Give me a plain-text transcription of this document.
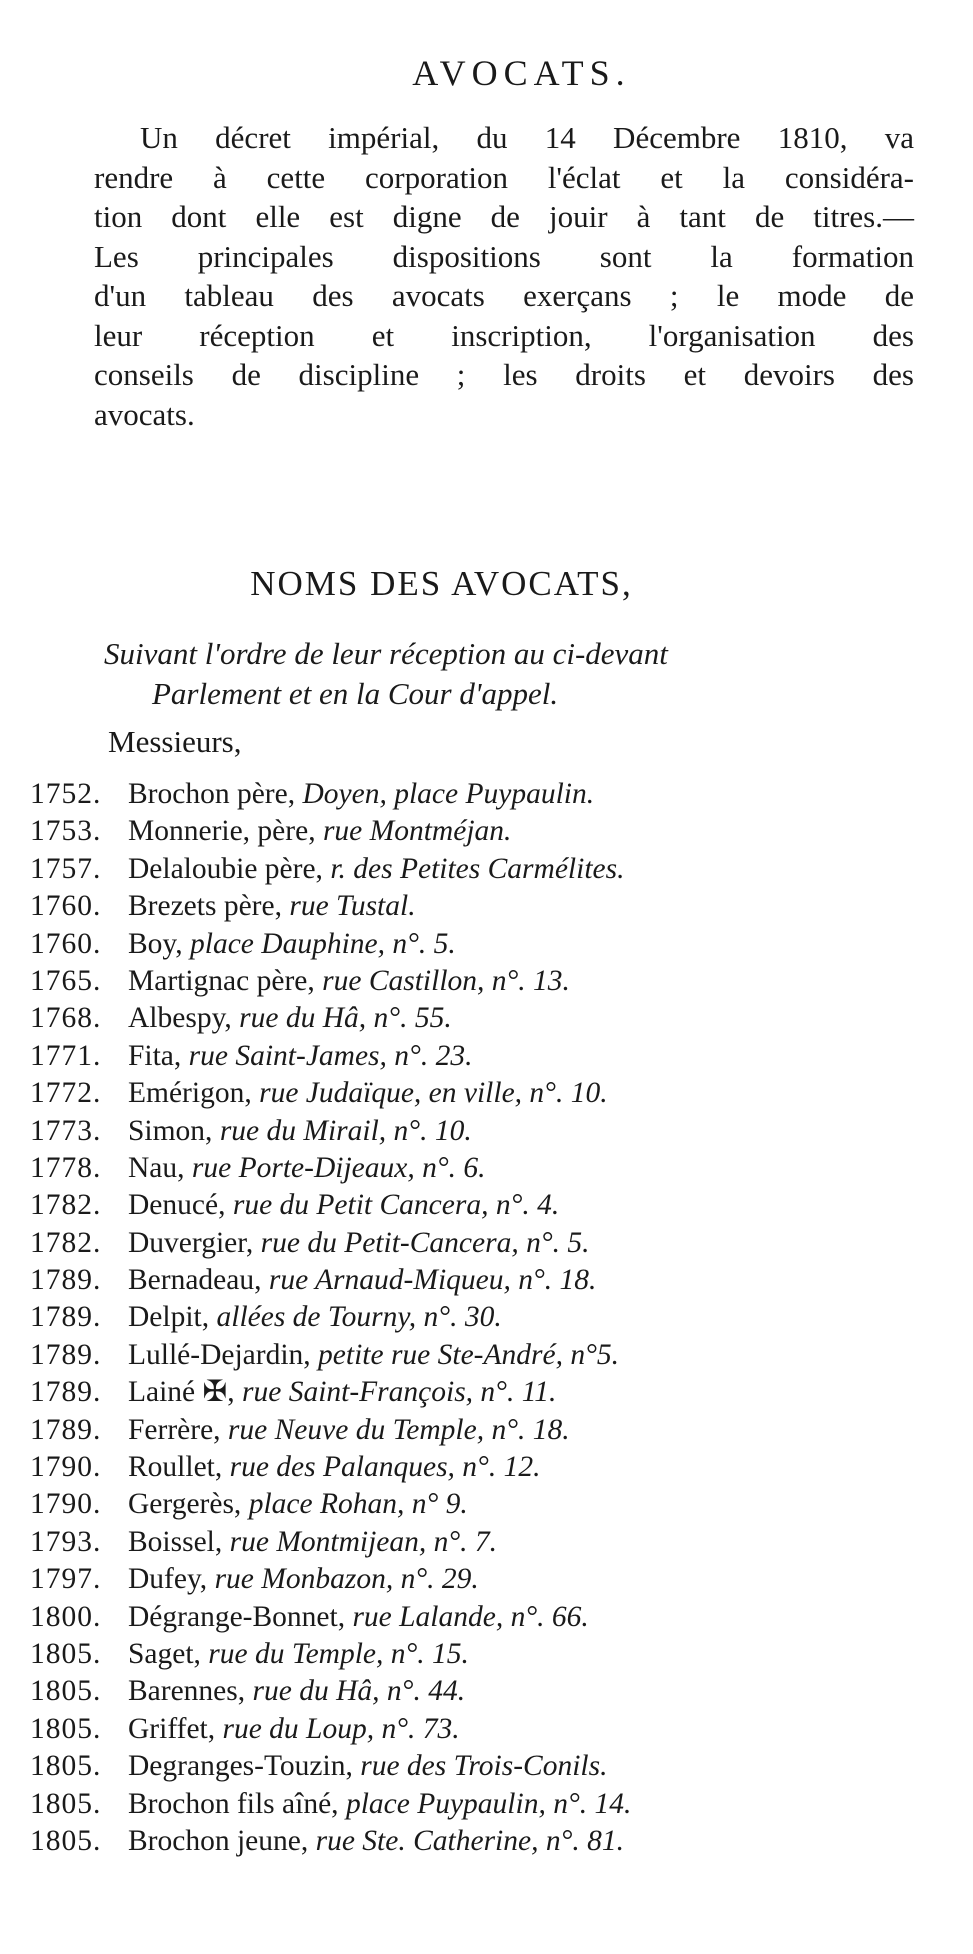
AVOCATS.
Un décret impérial, du 14 Décembre 1810, va
rendre à cette corporation l'éclat et la considéra-
tion dont elle est digne de jouir à tant de titres.—
Les principales dispositions sont la formation
d'un tableau des avocats exerçans ; le mode de
leur réception et inscription, l'organisation des
conseils de discipline ; les droits et devoirs des
avocats.
NOMS DES AVOCATS,
Suivant l'ordre de leur réception au ci-devant
Parlement et en la Cour d'appel.
Messieurs,
1752. Brochon père, Doyen, place Puypaulin.
1753. Monnerie, père, rue Montméjan.
1757. Delaloubie père, r. des Petites Carmélites.
1760. Brezets père, rue Tustal.
1760. Boy, place Dauphine, n°. 5.
1765. Martignac père, rue Castillon, n°. 13.
1768. Albespy, rue du Hâ, n°. 55.
1771. Fita, rue Saint-James, n°. 23.
1772. Emérigon, rue Judaïque, en ville, n°. 10.
1773. Simon, rue du Mirail, n°. 10.
1778. Nau, rue Porte-Dijeaux, n°. 6.
1782. Denucé, rue du Petit Cancera, n°. 4.
1782. Duvergier, rue du Petit-Cancera, n°. 5.
1789. Bernadeau, rue Arnaud-Miqueu, n°. 18.
1789. Delpit, allées de Tourny, n°. 30.
1789. Lullé-Dejardin, petite rue Ste-André, n°5.
1789. Lainé ✠, rue Saint-François, n°. 11.
1789. Ferrère, rue Neuve du Temple, n°. 18.
1790. Roullet, rue des Palanques, n°. 12.
1790. Gergerès, place Rohan, n° 9.
1793. Boissel, rue Montmijean, n°. 7.
1797. Dufey, rue Monbazon, n°. 29.
1800. Dégrange-Bonnet, rue Lalande, n°. 66.
1805. Saget, rue du Temple, n°. 15.
1805. Barennes, rue du Hâ, n°. 44.
1805. Griffet, rue du Loup, n°. 73.
1805. Degranges-Touzin, rue des Trois-Conils.
1805. Brochon fils aîné, place Puypaulin, n°. 14.
1805. Brochon jeune, rue Ste. Catherine, n°. 81.
